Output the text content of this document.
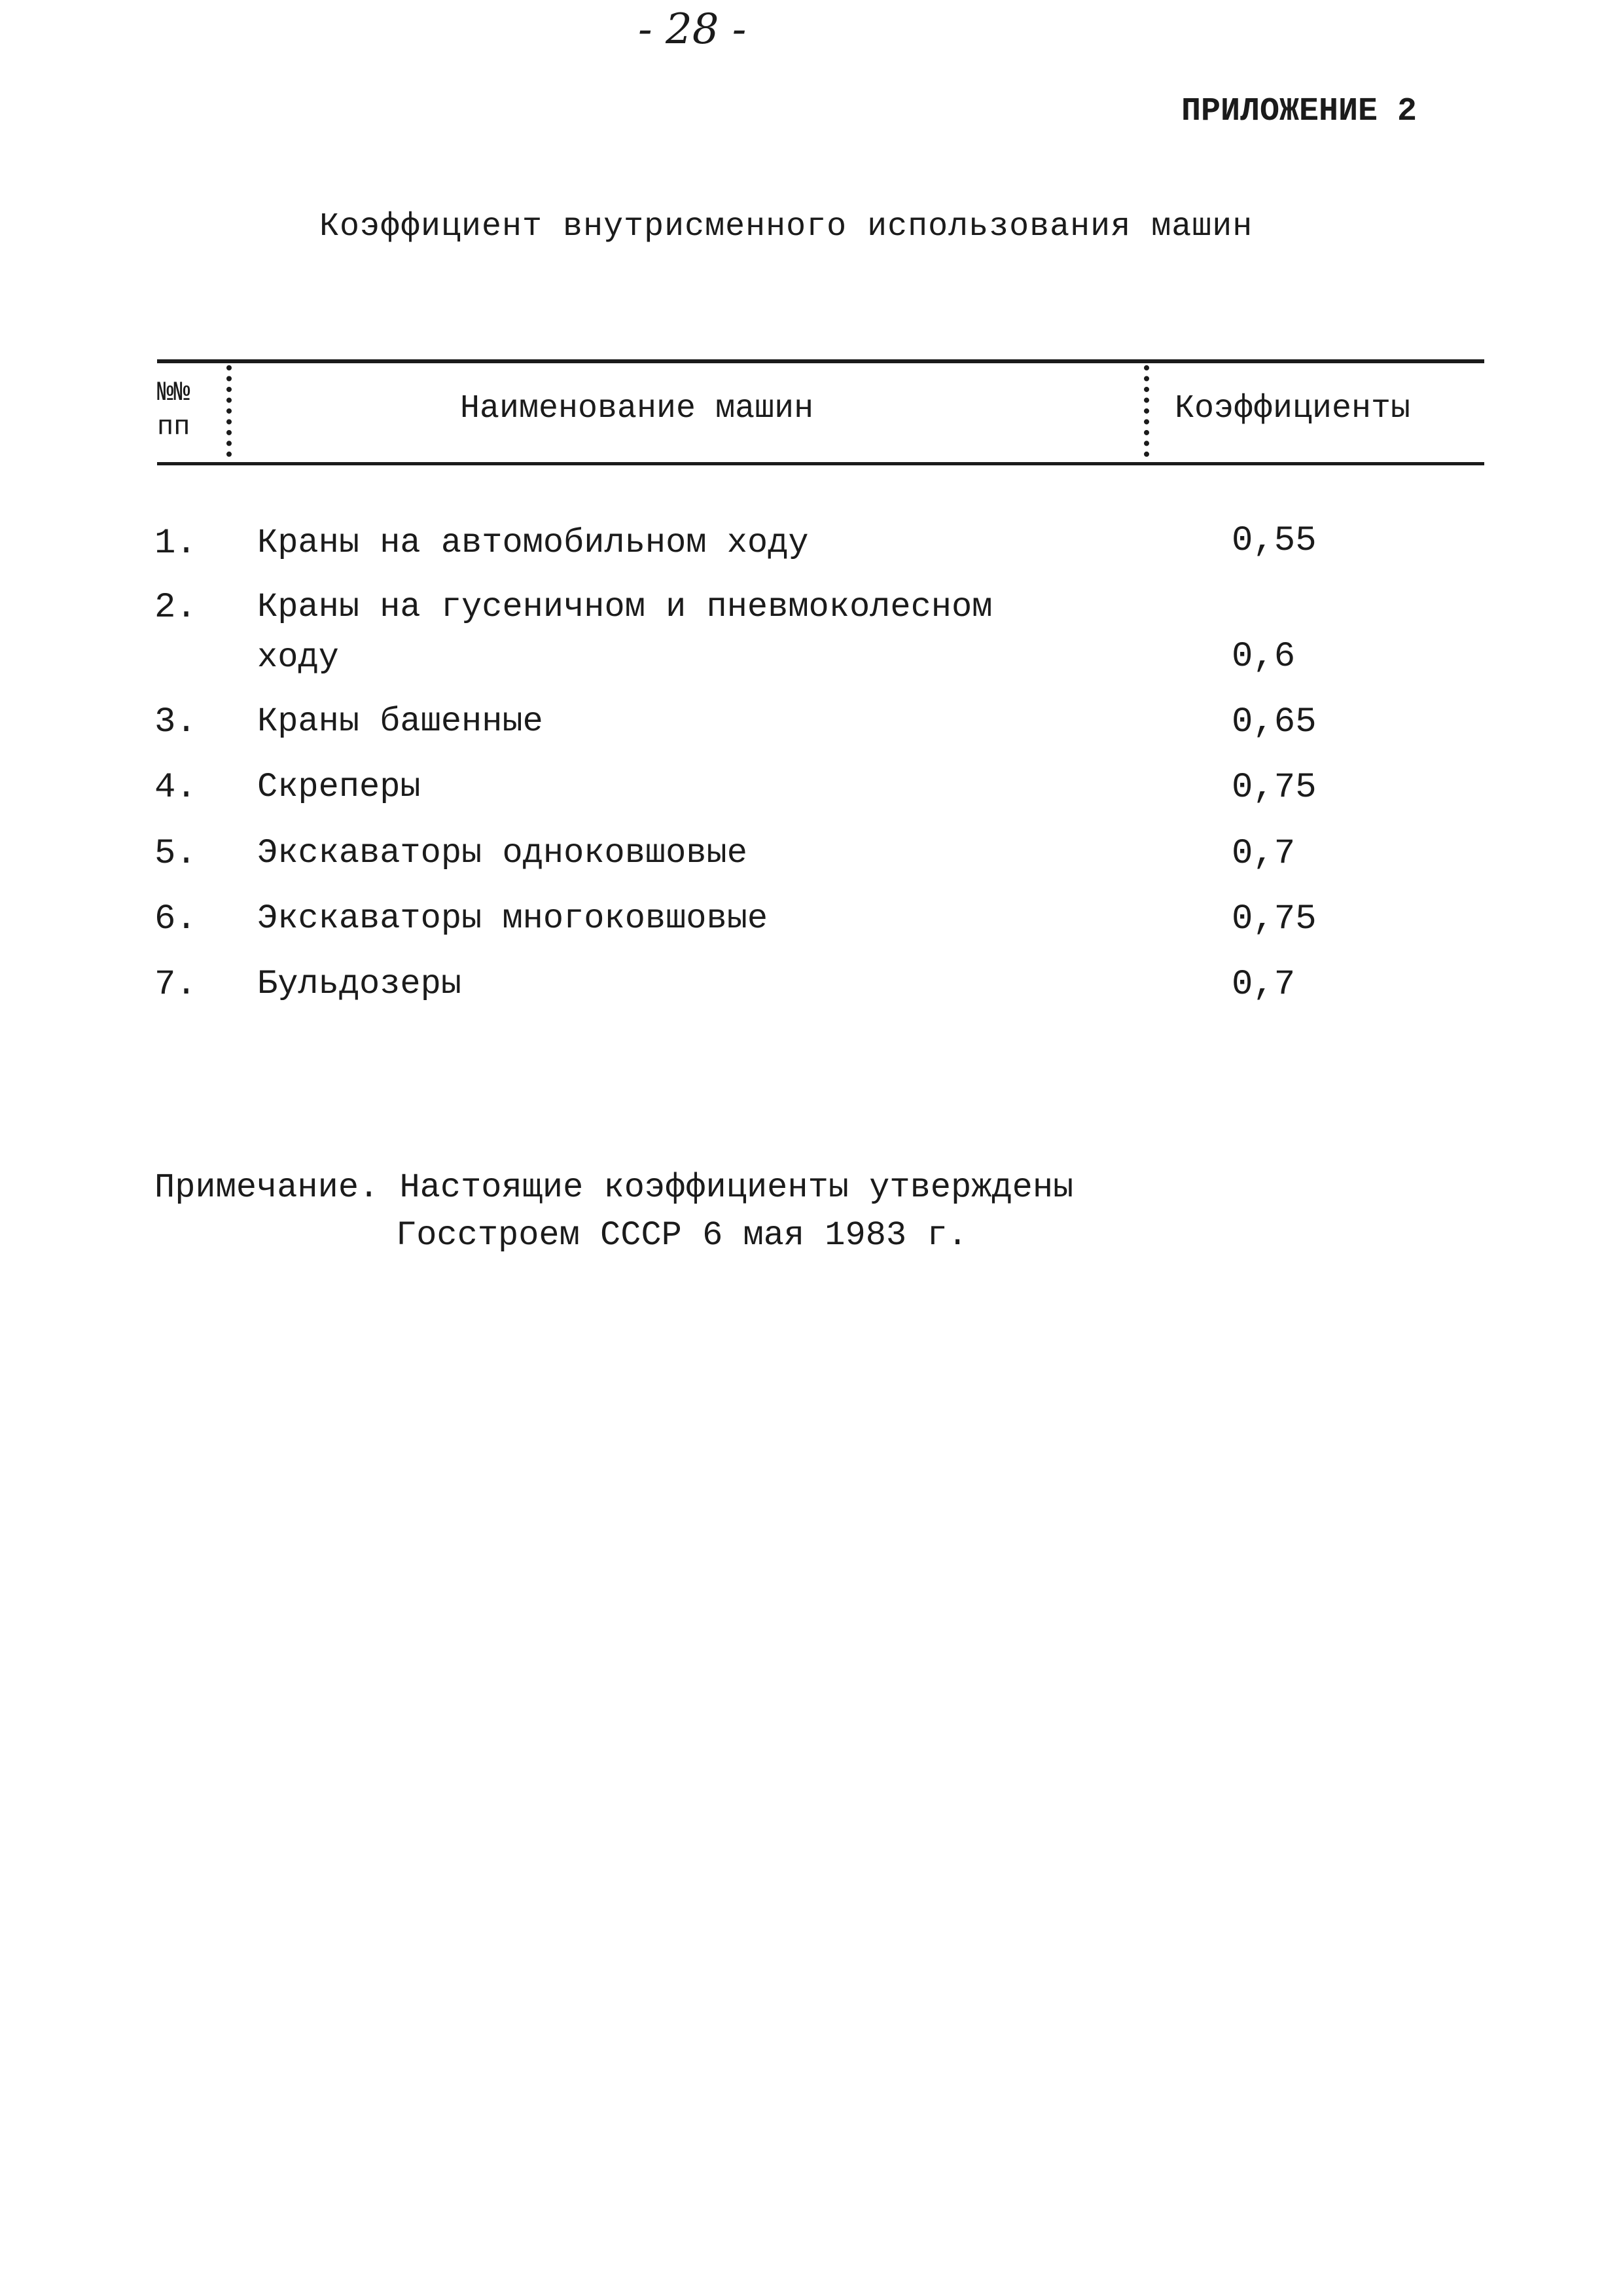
- 28 -
ПРИЛОЖЕНИЕ 2
Коэффициент внутрисменного использования машин
№№
пп	Наименование машин	Коэффициенты
1. Краны на автомобильном ходу	0,55
2. Краны на гусеничном и пневмоколесном
ходу	0,6
3. Краны башенные	0,65
4. Скреперы	0,75
5. Экскаваторы одноковшовые	0,7
6. Экскаваторы многоковшовые	0,75
7. Бульдозеры	0,7
Примечание. Настоящие коэффициенты утверждены
Госстроем СССР 6 мая 1983 г.
